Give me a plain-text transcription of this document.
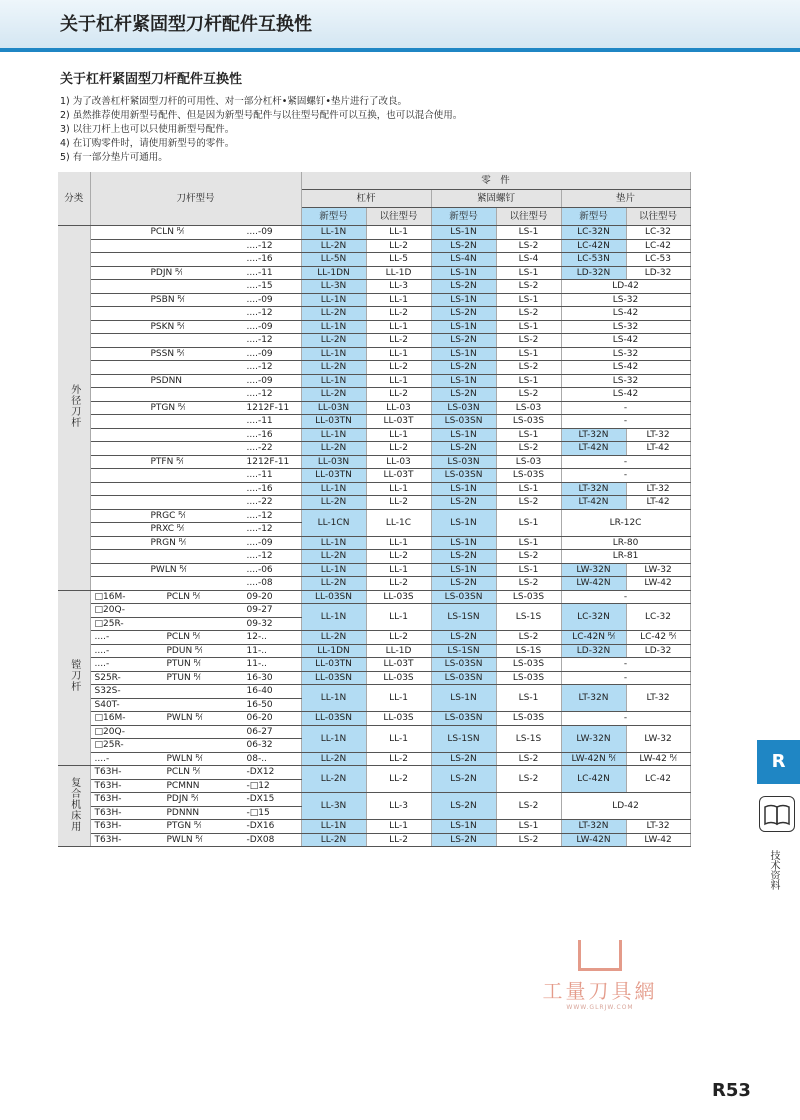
关于杠杆紧固型刀杆配件互换性
关于杠杆紧固型刀杆配件互换性
1) 为了改善杠杆紧固型刀杆的可用性、对一部分杠杆•紧固螺钉•垫片进行了改良。
2) 虽然推荐使用新型号配件、但是因为新型号配件与以往型号配件可以互换，也可以混合使用。
3) 以往刀杆上也可以只使用新型号配件。
4) 在订购零件时，请使用新型号的零件。
5) 有一部分垫片可通用。
分类	刀杆型号	零　件					
		杠杆		紧固螺钉		垫片	
		新型号	以往型号	新型号	以往型号	新型号	以往型号
外径刀杆	PCLN ᴿ⁄ₗ ....-09	LL-1N	LL-1	LS-1N	LS-1	LC-32N	LC-32

	....-12	LL-2N	LL-2	LS-2N	LS-2	LC-42N	LC-42

	....-16	LL-5N	LL-5	LS-4N	LS-4	LC-53N	LC-53

	PDJN ᴿ⁄ₗ ....-11	LL-1DN	LL-1D	LS-1N	LS-1	LD-32N	LD-32

	....-15	LL-3N	LL-3	LS-2N	LS-2	LD-42	

	PSBN ᴿ⁄ₗ ....-09	LL-1N	LL-1	LS-1N	LS-1	LS-32	

	....-12	LL-2N	LL-2	LS-2N	LS-2	LS-42	

	PSKN ᴿ⁄ₗ ....-09	LL-1N	LL-1	LS-1N	LS-1	LS-32	

	....-12	LL-2N	LL-2	LS-2N	LS-2	LS-42	

	PSSN ᴿ⁄ₗ ....-09	LL-1N	LL-1	LS-1N	LS-1	LS-32	

	....-12	LL-2N	LL-2	LS-2N	LS-2	LS-42	

	PSDNN ....-09	LL-1N	LL-1	LS-1N	LS-1	LS-32	

	....-12	LL-2N	LL-2	LS-2N	LS-2	LS-42	

	PTGN ᴿ⁄ₗ 1212F-11	LL-03N	LL-03	LS-03N	LS-03	-	

	....-11	LL-03TN	LL-03T	LS-03SN	LS-03S	-	

	....-16	LL-1N	LL-1	LS-1N	LS-1	LT-32N	LT-32

	....-22	LL-2N	LL-2	LS-2N	LS-2	LT-42N	LT-42

	PTFN ᴿ⁄ₗ 1212F-11	LL-03N	LL-03	LS-03N	LS-03	-	

	....-11	LL-03TN	LL-03T	LS-03SN	LS-03S	-	

	....-16	LL-1N	LL-1	LS-1N	LS-1	LT-32N	LT-32

	....-22	LL-2N	LL-2	LS-2N	LS-2	LT-42N	LT-42

	PRGC ᴿ⁄ₗ ....-12	LL-1CN	LL-1C	LS-1N	LS-1	LR-12C	

	PRXC ᴿ⁄ₗ ....-12						

	PRGN ᴿ⁄ₗ ....-09	LL-1N	LL-1	LS-1N	LS-1	LR-80	

	....-12	LL-2N	LL-2	LS-2N	LS-2	LR-81	

	PWLN ᴿ⁄ₗ ....-06	LL-1N	LL-1	LS-1N	LS-1	LW-32N	LW-32

	....-08	LL-2N	LL-2	LS-2N	LS-2	LW-42N	LW-42
镗刀杆	□16M- PCLN ᴿ⁄ₗ 09-20	LL-03SN	LL-03S	LS-03SN	LS-03S	-	

	□20Q- 09-27	LL-1N	LL-1	LS-1SN	LS-1S	LC-32N	LC-32

	□25R- 09-32						

	....- PCLN ᴿ⁄ₗ 12-..	LL-2N	LL-2	LS-2N	LS-2	LC-42N ᴿ⁄ₗ	LC-42 ᴿ⁄ₗ

	....- PDUN ᴿ⁄ₗ 11-..	LL-1DN	LL-1D	LS-1SN	LS-1S	LD-32N	LD-32

	....- PTUN ᴿ⁄ₗ 11-..	LL-03TN	LL-03T	LS-03SN	LS-03S	-	

	S25R- PTUN ᴿ⁄ₗ 16-30	LL-03SN	LL-03S	LS-03SN	LS-03S	-	

	S32S- 16-40	LL-1N	LL-1	LS-1N	LS-1	LT-32N	LT-32

	S40T- 16-50						

	□16M- PWLN ᴿ⁄ₗ 06-20	LL-03SN	LL-03S	LS-03SN	LS-03S	-	

	□20Q- 06-27	LL-1N	LL-1	LS-1SN	LS-1S	LW-32N	LW-32

	□25R- 06-32						

	....- PWLN ᴿ⁄ₗ 08-..	LL-2N	LL-2	LS-2N	LS-2	LW-42N ᴿ⁄ₗ	LW-42 ᴿ⁄ₗ
复合机床用	T63H- PCLN ᴿ⁄ₗ -DX12	LL-2N	LL-2	LS-2N	LS-2	LC-42N	LC-42

	T63H- PCMNN -□12						

	T63H- PDJN ᴿ⁄ₗ -DX15	LL-3N	LL-3	LS-2N	LS-2	LD-42	

	T63H- PDNNN -□15						

	T63H- PTGN ᴿ⁄ₗ -DX16	LL-1N	LL-1	LS-1N	LS-1	LT-32N	LT-32

	T63H- PWLN ᴿ⁄ₗ -DX08	LL-2N	LL-2	LS-2N	LS-2	LW-42N	LW-42
R
技术资料
工量刀具網
WWW.GLRJW.COM
R53
